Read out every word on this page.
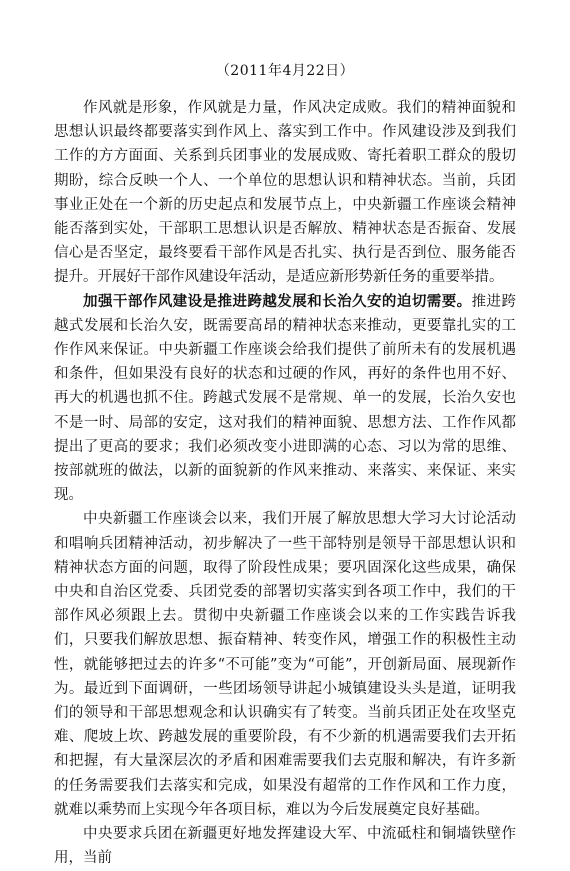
（2011年4月22日）

作风就是形象，作风就是力量，作风决定成败。我们的精神面貌和思想认识最终都要落实到作风上、落实到工作中。作风建设涉及到我们工作的方方面面、关系到兵团事业的发展成败、寄托着职工群众的殷切期盼，综合反映一个人、一个单位的思想认识和精神状态。当前，兵团事业正处在一个新的历史起点和发展节点上，中央新疆工作座谈会精神能否落到实处，干部职工思想认识是否解放、精神状态是否振奋、发展信心是否坚定，最终要看干部作风是否扎实、执行是否到位、服务能否提升。开展好干部作风建设年活动，是适应新形势新任务的重要举措。

加强干部作风建设是推进跨越发展和长治久安的迫切需要。推进跨越式发展和长治久安，既需要高昂的精神状态来推动，更要靠扎实的工作作风来保证。中央新疆工作座谈会给我们提供了前所未有的发展机遇和条件，但如果没有良好的状态和过硬的作风，再好的条件也用不好、再大的机遇也抓不住。跨越式发展不是常规、单一的发展，长治久安也不是一时、局部的安定，这对我们的精神面貌、思想方法、工作作风都提出了更高的要求；我们必须改变小进即满的心态、习以为常的思维、按部就班的做法，以新的面貌新的作风来推动、来落实、来保证、来实现。

中央新疆工作座谈会以来，我们开展了解放思想大学习大讨论活动和唱响兵团精神活动，初步解决了一些干部特别是领导干部思想认识和精神状态方面的问题，取得了阶段性成果；要巩固深化这些成果，确保中央和自治区党委、兵团党委的部署切实落实到各项工作中，我们的干部作风必须跟上去。贯彻中央新疆工作座谈会以来的工作实践告诉我们，只要我们解放思想、振奋精神、转变作风，增强工作的积极性主动性，就能够把过去的许多“不可能”变为“可能”，开创新局面、展现新作为。最近到下面调研，一些团场领导讲起小城镇建设头头是道，证明我们的领导和干部思想观念和认识确实有了转变。当前兵团正处在攻坚克难、爬坡上坎、跨越发展的重要阶段，有不少新的机遇需要我们去开拓和把握，有大量深层次的矛盾和困难需要我们去克服和解决，有许多新的任务需要我们去落实和完成，如果没有超常的工作作风和工作力度，就难以乘势而上实现今年各项目标，难以为今后发展奠定良好基础。

中央要求兵团在新疆更好地发挥建设大军、中流砥柱和铜墙铁壁作用，当前
